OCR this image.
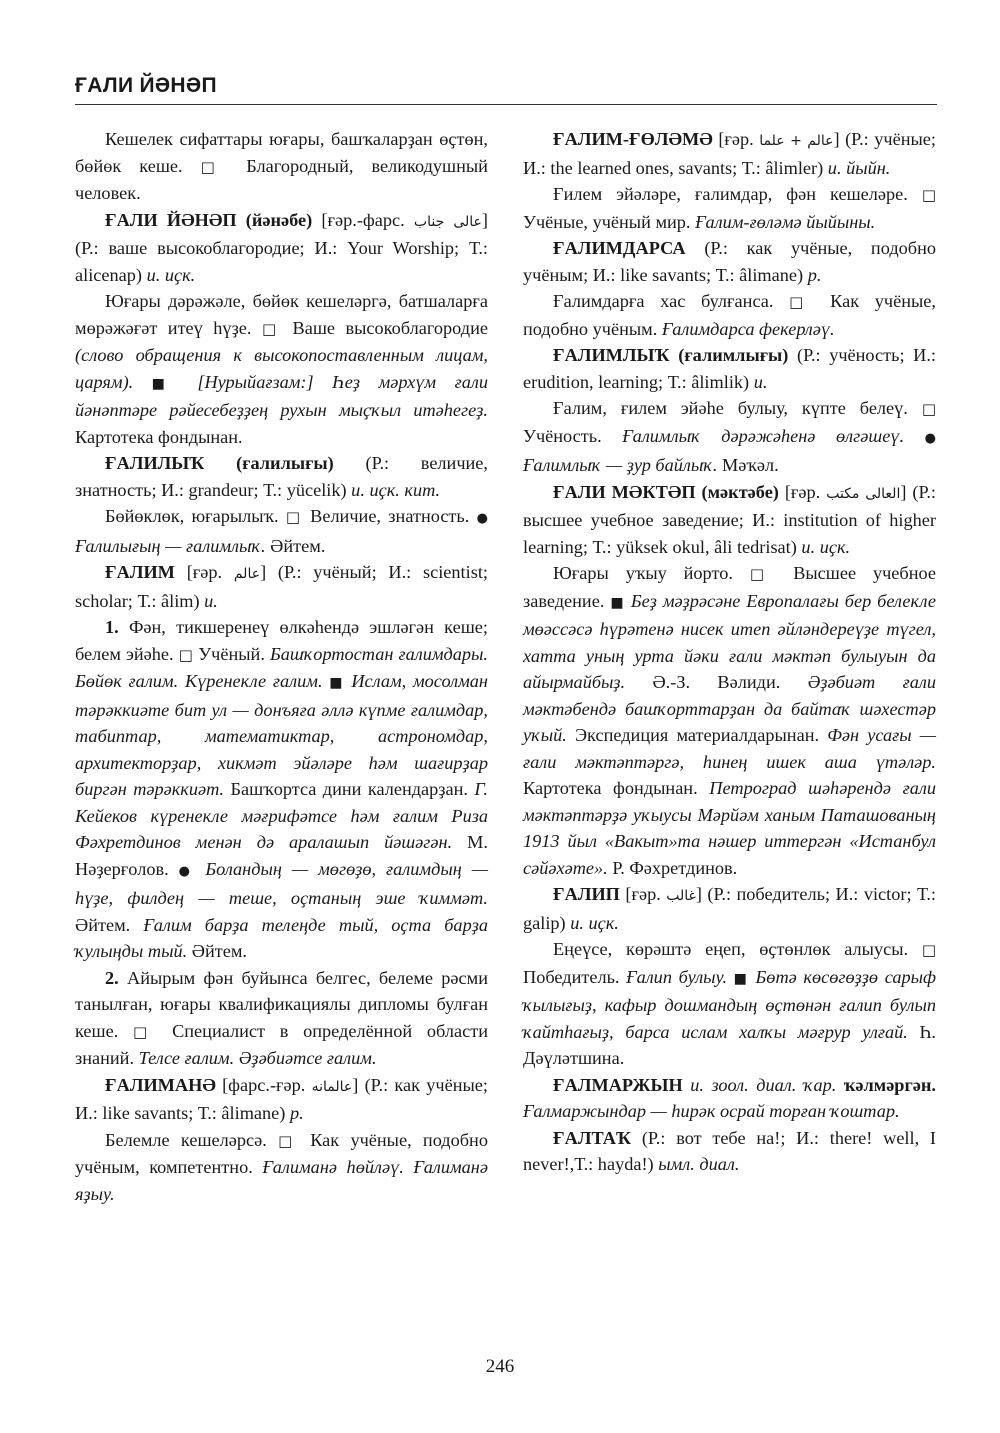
ҒАЛИ ЙӘНӘП

Кешелек сифаттары юғары, башҡаларҙан өҫтөн, бөйөк кеше. □ Благородный, великодушный человек.

ҒАЛИ ЙӘНӘП (йәнәбе) [ғәр.-фарс. عالى جناب] (Р.: ваше высокоблагородие; И.: Your Worship; Т.: alicenap) и. иҫк.

Юғары дәрәжәле, бөйөк кешеләргә, батшаларға мөрәжәғәт итеү һүҙе. □ Ваше высокоблагородие (слово обращения к высокопоставленным лицам, царям). ■ [Нурыйағзам:] Һеҙ мәрхүм ғали йәнәптәре рәйесебеҙҙең рухын мыҫҡыл итәһегеҙ. Картотека фондынан.

ҒАЛИЛЫҠ (ғалилығы) (Р.: величие, знатность; И.: grandeur; Т.: yücelik) и. иҫк. кит.

Бөйөклөк, юғарылыҡ. □ Величие, знатность. ● Ғалилығың — ғалимлыҡ. Әйтем.

ҒАЛИМ [ғәр. عالم] (Р.: учёный; И.: scientist; scholar; Т.: âlim) и.

1. Фән, тикшеренеү өлкәһендә эшләгән кеше; белем эйәһе. □ Учёный. Башҡортостан ғалимдары. Бөйөк ғалим. Күренекле ғалим. ■ Ислам, мосолман тәрәккиәте бит ул — донъяға әллә күпме ғалимдар, табиптар, математиктар, астрономдар, архитекторҙар, хикмәт эйәләре һәм шағирҙар биргән тәрәккиәт. Башҡортса дини календарҙан. Г. Кейеков күренекле мәғрифәтсе һәм ғалим Риза Фәхретдинов менән дә аралашып йәшәгән. М. Нәҙерғолов. ● Боландың — мөгөҙө, ғалимдың — һүҙе, филдең — теше, оҫтаның эше ҡиммәт. Әйтем. Ғалим барҙа телеңде тый, оҫта барҙа ҡулыңды тый. Әйтем.

2. Айырым фән буйынса белгес, белеме рәсми танылған, юғары квалификациялы дипломы булған кеше. □ Специалист в определённой области знаний. Телсе ғалим. Әҙәбиәтсе ғалим.

ҒАЛИМАНӘ [фарс.-ғәр. عالمانه] (Р.: как учёные; И.: like savants; Т.: âlimane) р.

Белемле кешеләрсә. □ Как учёные, подобно учёным, компетентно. Ғалиманә һөйләү. Ғалиманә яҙыу.

ҒАЛИМ-ҒӨЛӘМӘ [ғәр. عالم + علما] (Р.: учёные; И.: the learned ones, savants; Т.: âlimler) и. йыйн.

Ғилем эйәләре, ғалимдар, фән кешеләре. □ Учёные, учёный мир. Ғалим-ғөләмә йыйыны.

ҒАЛИМДАРСА (Р.: как учёные, подобно учёным; И.: like savants; Т.: âlimane) р.

Ғалимдарға хас булғанса. □ Как учёные, подобно учёным. Ғалимдарса фекерләү.

ҒАЛИМЛЫҠ (ғалимлығы) (Р.: учёность; И.: erudition, learning; Т.: âlimlik) и.

Ғалим, ғилем эйәһе булыу, күпте белеү. □ Учёность. Ғалимлыҡ дәрәжәһенә өлгәшеү. ● Ғалимлыҡ — ҙур байлыҡ. Мәҡәл.

ҒАЛИ МӘКТӘП (мәктәбе) [ғәр. العالى مكتب] (Р.: высшее учебное заведение; И.: institution of higher learning; Т.: yüksek okul, âli tedrisat) и. иҫк.

Юғары уҡыу йорто. □ Высшее учебное заведение. ■ Беҙ мәҙрәсәне Европалағы бер белекле мөәссәсә һүрәтенә нисек итеп әйләндереүҙе түгел, хатта уның урта йәки ғали мәктәп булыуын да айырмайбыҙ. Ә.-З. Вәлиди. Әҙәбиәт ғали мәктәбендә башҡорттарҙан да байтаҡ шәхестәр уҡый. Экспедиция материалдарынан. Фән усағы — ғали мәктәптәргә, һинең ишек аша үтәләр. Картотека фондынан. Петроград шәһәрендә ғали мәктәптәрҙә уҡыусы Мәрйәм ханым Паташованың 1913 йыл «Вакыт»та нәшер иттергән «Истанбул сәйәхәте». Р. Фәхретдинов.

ҒАЛИП [ғәр. غالب] (Р.: победитель; И.: victor; Т.: galip) и. иҫк.

Еңеүсе, көрәштә еңеп, өҫтөнлөк алыусы. □ Победитель. Ғалип булыу. ■ Бөтә көсөгөҙҙө сарыф ҡылығыҙ, кафыр дошмандың өҫтөнән ғалип булып ҡайтһағыҙ, барса ислам халҡы мәғрур улғай. Һ. Дәүләтшина.

ҒАЛМАРЖЫН и. зоол. диал. ҡар. ҡәлмәргән. Ғалмаржындар — һирәк осрай торған ҡоштар.

ҒАЛТАҠ (Р.: вот тебе на!; И.: there! well, I never!,Т.: hayda!) ымл. диал.

246
